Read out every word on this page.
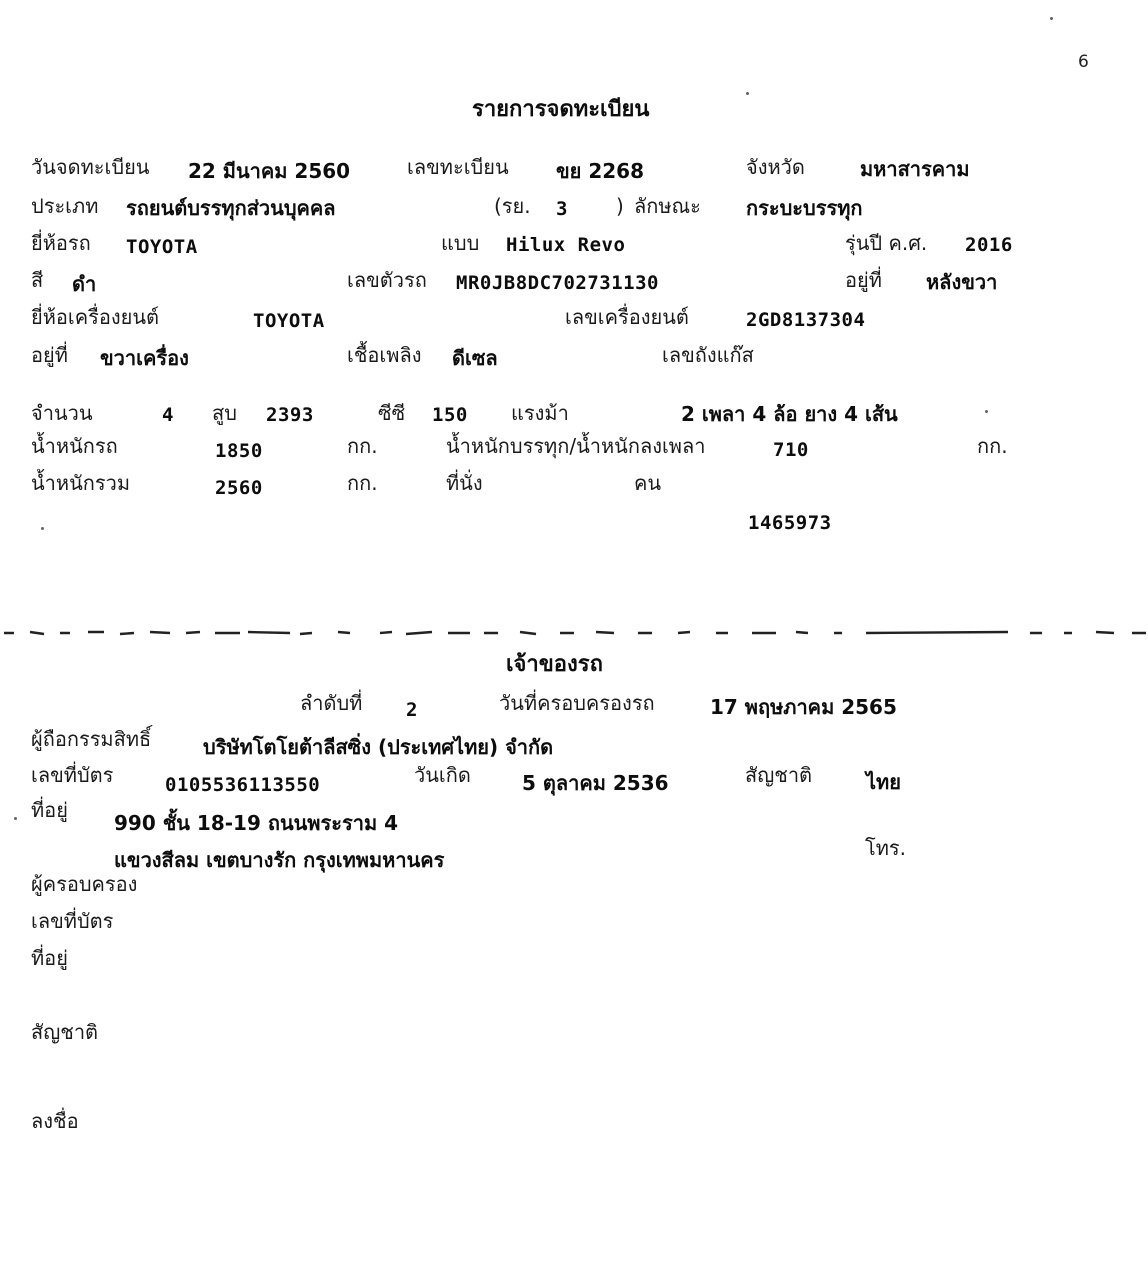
6
รายการจดทะเบียน
วันจดทะเบียน 22 มีนาคม 2560	เลขทะเบียน ขย 2268	จังหวัด	มหาสารคาม
ประเภท รถยนต์บรรทุกส่วนบุคคล	(รย. 3 ) ลักษณะ กระบะบรรทุก
ยี่ห้อรถ TOYOTA	แบบ Hilux Revo	รุ่นปี ค.ศ. 2016
สี ดำ	เลขตัวรถ MR0JB8DC702731130	อยู่ที่ หลังขวา
ยี่ห้อเครื่องยนต์	TOYOTA	เลขเครื่องยนต์	2GD8137304
อยู่ที่ ขวาเครื่อง	เชื้อเพลิง ดีเซล	เลขถังแก๊ส
จำนวน	4 สูบ 2393	ซีซี 150 แรงม้า	2 เพลา 4 ล้อ ยาง 4 เส้น
น้ำหนักรถ	1850	กก.	น้ำหนักบรรทุก/น้ำหนักลงเพลา	710	กก.
น้ำหนักรวม	2560	กก.	ที่นั่ง	คน
1465973
เจ้าของรถ
ลำดับที่ 2	วันที่ครอบครองรถ	17 พฤษภาคม 2565
ผู้ถือกรรมสิทธิ์	บริษัทโตโยต้าลีสซิ่ง (ประเทศไทย) จำกัด
เลขที่บัตร	0105536113550	วันเกิด	5 ตุลาคม 2536	สัญชาติ	ไทย
ที่อยู่
990 ชั้น 18-19 ถนนพระราม 4
แขวงสีลม เขตบางรัก กรุงเทพมหานคร	โทร.
ผู้ครอบครอง
เลขที่บัตร
ที่อยู่
สัญชาติ
ลงชื่อ
